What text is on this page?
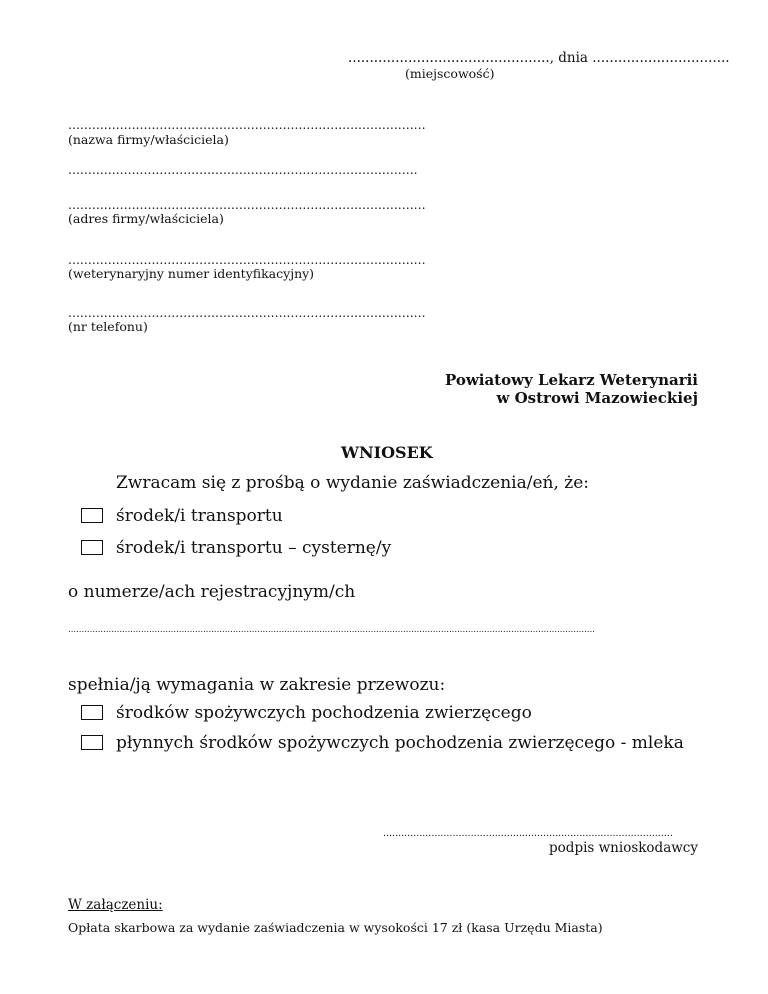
..............................................., dnia ................................
(miejscowość)
..........................................................................................
(nazwa firmy/właściciela)
........................................................................................
..........................................................................................
(adres firmy/właściciela)
..........................................................................................
(weterynaryjny numer identyfikacyjny)
..........................................................................................
(nr telefonu)
Powiatowy Lekarz Weterynarii
w Ostrowi Mazowieckiej
WNIOSEK
Zwracam się z prośbą o wydanie zaświadczenia/eń, że:
środek/i transportu
środek/i transportu – cysternę/y
o numerze/ach rejestracyjnym/ch
...................................................................................................................................................................................................
spełnia/ją wymagania w zakresie przewozu:
środków spożywczych pochodzenia zwierzęcego
płynnych środków spożywczych pochodzenia zwierzęcego - mleka
................................................................................................
podpis wnioskodawcy
W załączeniu:
Opłata skarbowa za wydanie zaświadczenia w wysokości 17 zł (kasa Urzędu Miasta)
